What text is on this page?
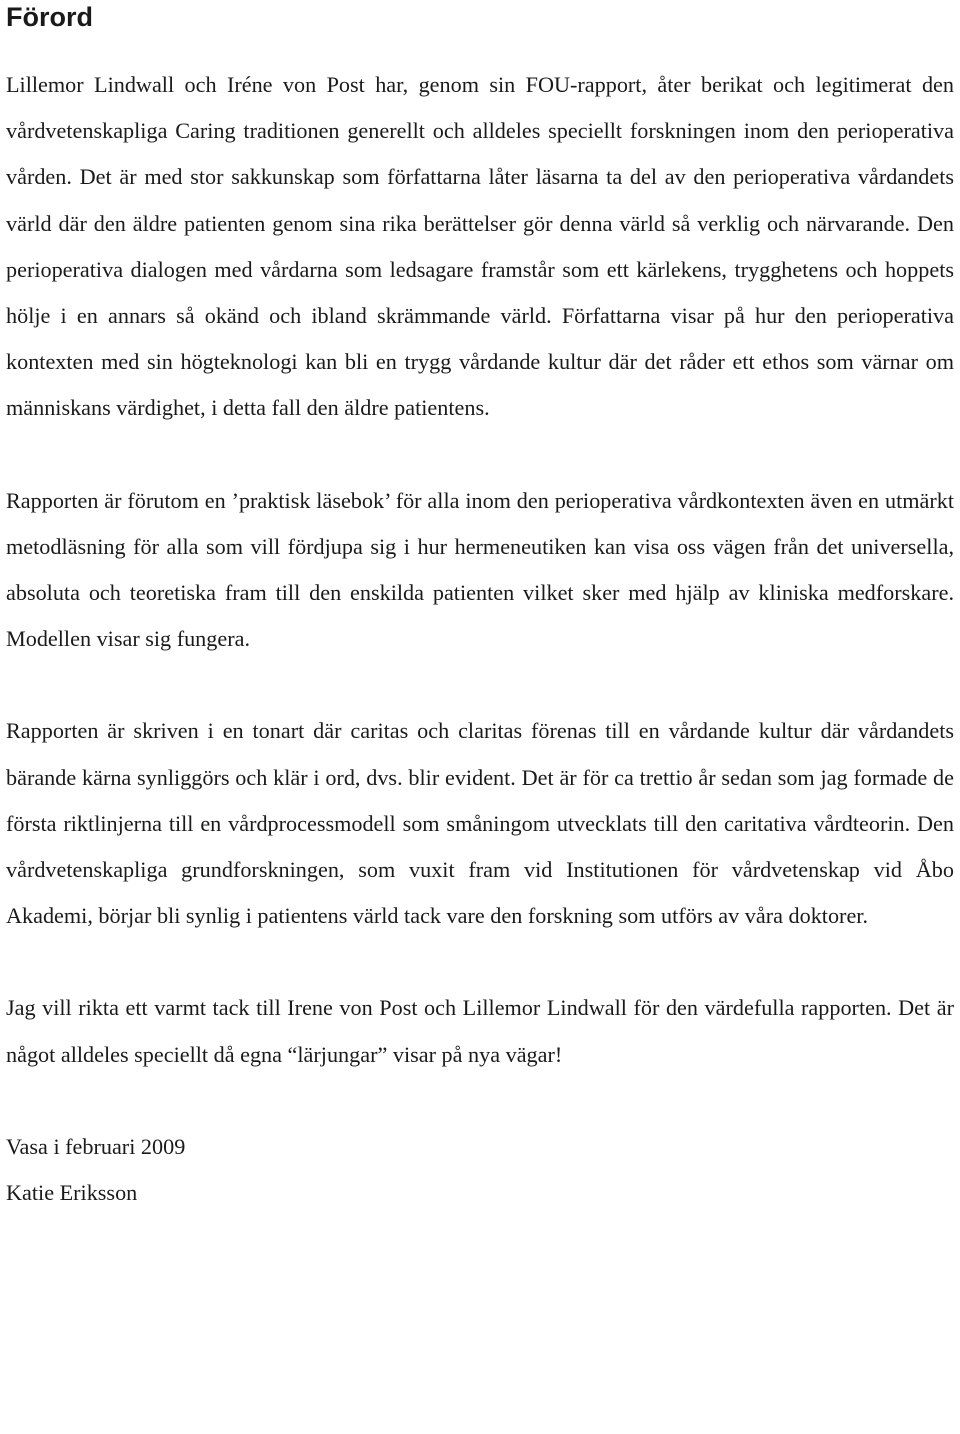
Förord

Lillemor Lindwall och Iréne von Post har, genom sin FOU-rapport, åter berikat och legitimerat den vårdvetenskapliga Caring traditionen generellt och alldeles speciellt forskningen inom den perioperativa vården. Det är med stor sakkunskap som författarna låter läsarna ta del av den perioperativa vårdandets värld där den äldre patienten genom sina rika berättelser gör denna värld så verklig och närvarande. Den perioperativa dialogen med vårdarna som ledsagare framstår som ett kärlekens, trygghetens och hoppets hölje i en annars så okänd och ibland skrämmande värld. Författarna visar på hur den perioperativa kontexten med sin högteknologi kan bli en trygg vårdande kultur där det råder ett ethos som värnar om människans värdighet, i detta fall den äldre patientens.

Rapporten är förutom en ’praktisk läsebok’ för alla inom den perioperativa vårdkontexten även en utmärkt metodläsning för alla som vill fördjupa sig i hur hermeneutiken kan visa oss vägen från det universella, absoluta och teoretiska fram till den enskilda patienten vilket sker med hjälp av kliniska medforskare. Modellen visar sig fungera.

Rapporten är skriven i en tonart där caritas och claritas förenas till en vårdande kultur där vårdandets bärande kärna synliggörs och klär i ord, dvs. blir evident. Det är för ca trettio år sedan som jag formade de första riktlinjerna till en vårdprocessmodell som småningom utvecklats till den caritativa vårdteorin. Den vårdvetenskapliga grundforskningen, som vuxit fram vid Institutionen för vårdvetenskap vid Åbo Akademi, börjar bli synlig i patientens värld tack vare den forskning som utförs av våra doktorer.

Jag vill rikta ett varmt tack till Irene von Post och Lillemor Lindwall för den värdefulla rapporten. Det är något alldeles speciellt då egna “lärjungar” visar på nya vägar!

Vasa i februari 2009

Katie Eriksson
